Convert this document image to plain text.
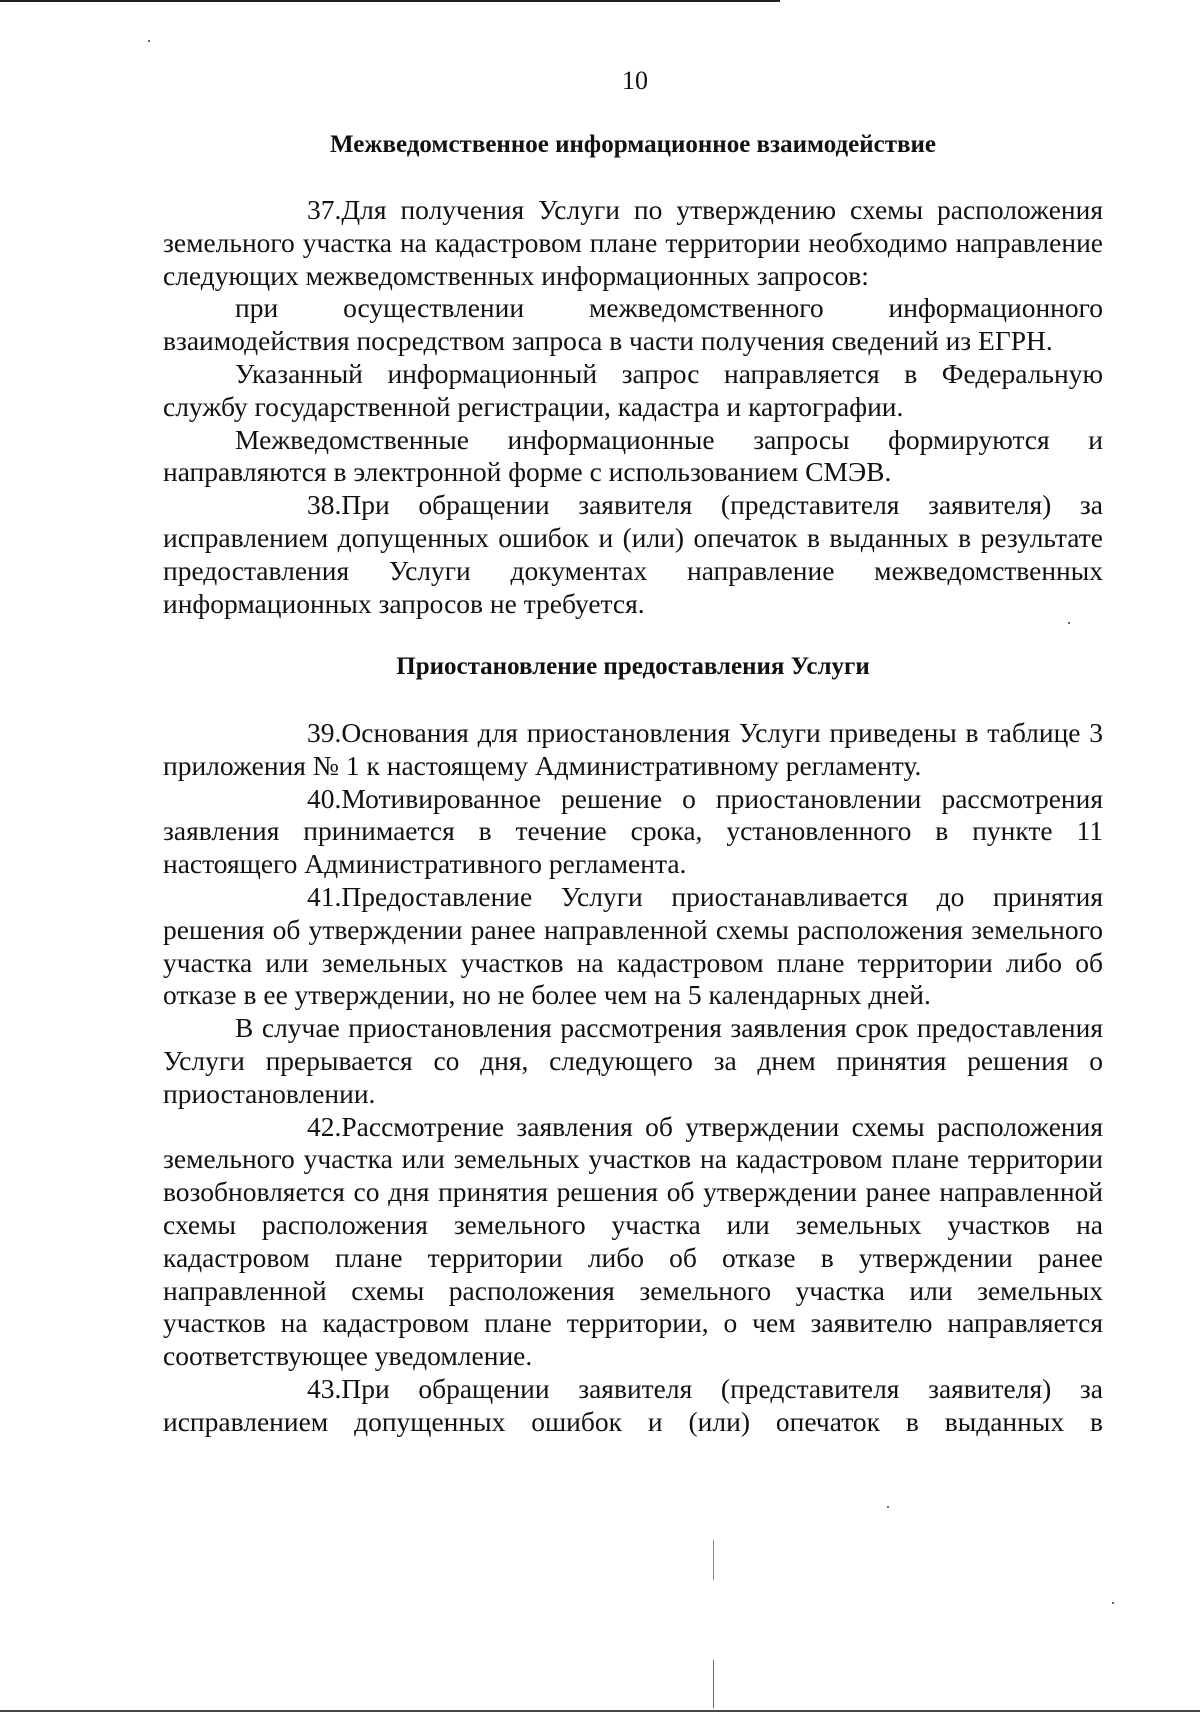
10
Межведомственное информационное взаимодействие

37.Для получения Услуги по утверждению схемы расположения земельного участка на кадастровом плане территории необходимо направление следующих межведомственных информационных запросов:

при осуществлении межведомственного информационного взаимодействия посредством запроса в части получения сведений из ЕГРН.

Указанный информационный запрос направляется в Федеральную службу государственной регистрации, кадастра и картографии.

Межведомственные информационные запросы формируются и направляются в электронной форме с использованием СМЭВ.

38.При обращении заявителя (представителя заявителя) за исправлением допущенных ошибок и (или) опечаток в выданных в результате предоставления Услуги документах направление межведомственных информационных запросов не требуется.

Приостановление предоставления Услуги

39.Основания для приостановления Услуги приведены в таблице 3 приложения № 1 к настоящему Административному регламенту.

40.Мотивированное решение о приостановлении рассмотрения заявления принимается в течение срока, установленного в пункте 11 настоящего Административного регламента.

41.Предоставление Услуги приостанавливается до принятия решения об утверждении ранее направленной схемы расположения земельного участка или земельных участков на кадастровом плане территории либо об отказе в ее утверждении, но не более чем на 5 календарных дней.

В случае приостановления рассмотрения заявления срок предоставления Услуги прерывается со дня, следующего за днем принятия решения о приостановлении.

42.Рассмотрение заявления об утверждении схемы расположения земельного участка или земельных участков на кадастровом плане территории возобновляется со дня принятия решения об утверждении ранее направленной схемы расположения земельного участка или земельных участков на кадастровом плане территории либо об отказе в утверждении ранее направленной схемы расположения земельного участка или земельных участков на кадастровом плане территории, о чем заявителю направляется соответствующее уведомление.

43.При обращении заявителя (представителя заявителя) за исправлением допущенных ошибок и (или) опечаток в выданных в
